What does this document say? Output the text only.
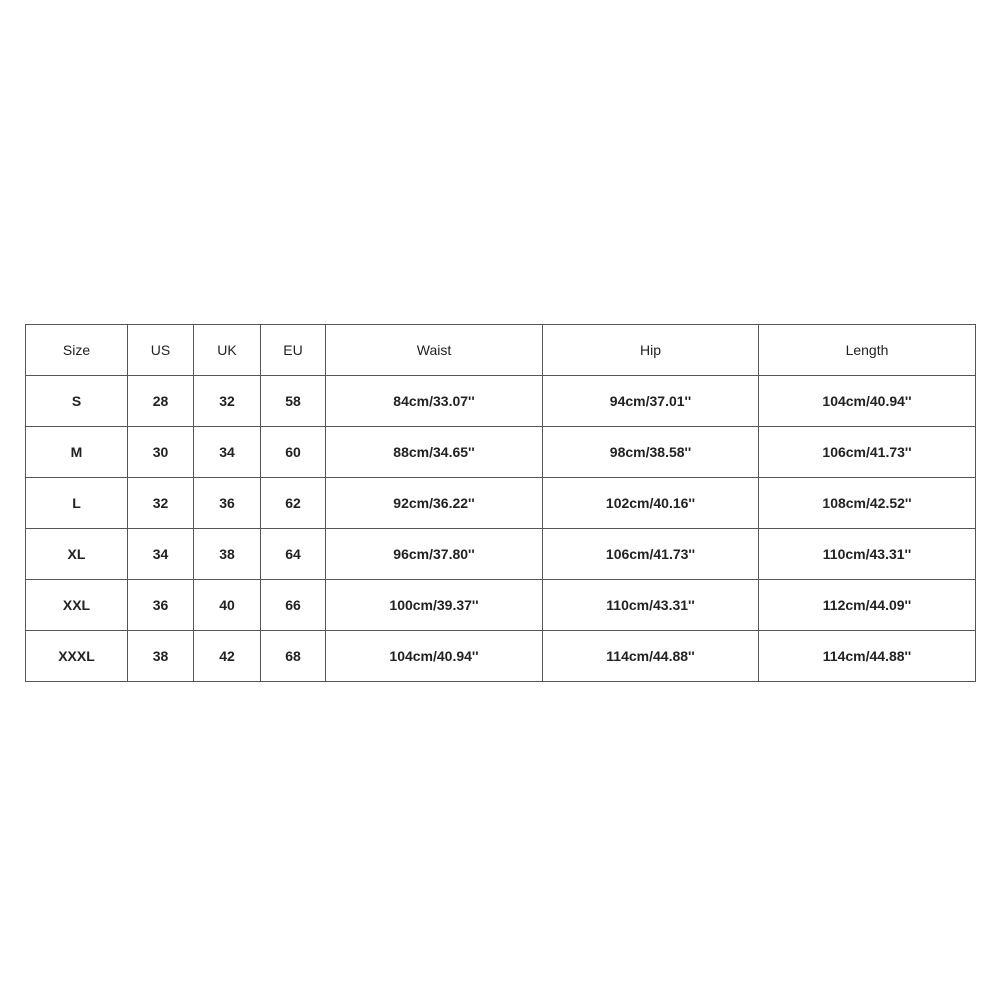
Size	US	UK	EU	Waist	Hip	Length
S	28	32	58	84cm/33.07''	94cm/37.01''	104cm/40.94''
M	30	34	60	88cm/34.65''	98cm/38.58''	106cm/41.73''
L	32	36	62	92cm/36.22''	102cm/40.16''	108cm/42.52''
XL	34	38	64	96cm/37.80''	106cm/41.73''	110cm/43.31''
XXL	36	40	66	100cm/39.37''	110cm/43.31''	112cm/44.09''
XXXL	38	42	68	104cm/40.94''	114cm/44.88''	114cm/44.88''
